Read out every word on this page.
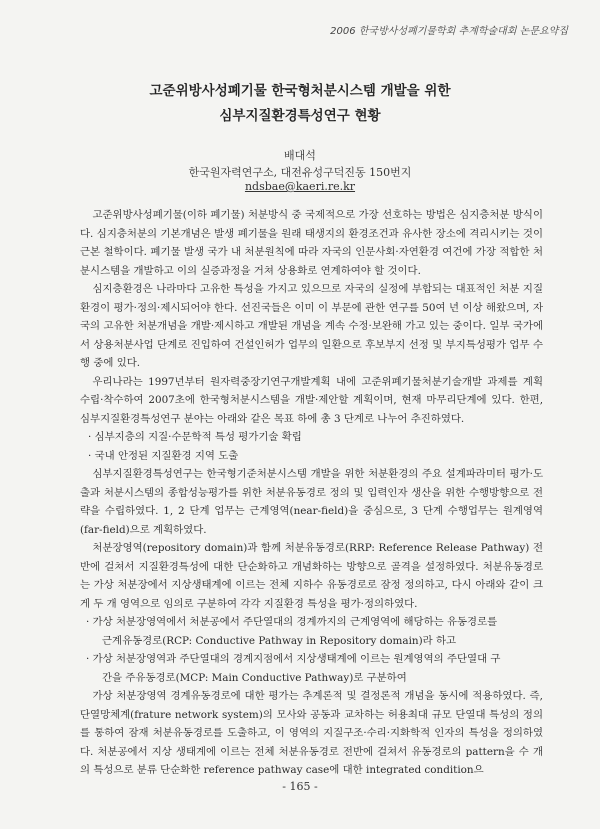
2006 한국방사성폐기물학회 추계학술대회 논문요약집
고준위방사성폐기물 한국형처분시스템 개발을 위한
심부지질환경특성연구 현황
배대석
한국원자력연구소, 대전유성구덕진동 150번지
ndsbae@kaeri.re.kr

고준위방사성폐기물(이하 폐기물) 처분방식 중 국제적으로 가장 선호하는 방법은 심지층처분 방식이다. 심지층처분의 기본개념은 발생 폐기물을 원래 태생지의 환경조건과 유사한 장소에 격리시키는 것이 근본 철학이다. 폐기물 발생 국가 내 처분원칙에 따라 자국의 인문사회·자연환경 여건에 가장 적합한 처분시스템을 개발하고 이의 실증과정을 거쳐 상용화로 연계하여야 할 것이다.

심지층환경은 나라마다 고유한 특성을 가지고 있으므로 자국의 실정에 부합되는 대표적인 처분 지질환경이 평가·정의·제시되어야 한다. 선진국들은 이미 이 부문에 관한 연구를 50여 년 이상 해왔으며, 자국의 고유한 처분개념을 개발·제시하고 개발된 개념을 계속 수정·보완해 가고 있는 중이다. 일부 국가에서 상용처분사업 단계로 진입하여 건설인허가 업무의 일환으로 후보부지 선정 및 부지특성평가 업무 수행 중에 있다.

우리나라는 1997년부터 원자력중장기연구개발계획 내에 고준위폐기물처분기술개발 과제를 계획 수립·착수하여 2007초에 한국형처분시스템을 개발·제안할 계획이며, 현재 마무리단계에 있다. 한편, 심부지질환경특성연구 분야는 아래와 같은 목표 하에 총 3 단계로 나누어 추진하였다.

· 심부지층의 지질·수문학적 특성 평가기술 확립

· 국내 안정된 지질환경 지역 도출

심부지질환경특성연구는 한국형기준처분시스템 개발을 위한 처분환경의 주요 설계파라미터 평가·도출과 처분시스템의 종합성능평가를 위한 처분유동경로 정의 및 입력인자 생산을 위한 수행방향으로 전략을 수립하였다. 1, 2 단계 업무는 근계영역(near-field)을 중심으로, 3 단계 수행업무는 원계영역(far-field)으로 계획하였다.

처분장영역(repository domain)과 함께 처분유동경로(RRP: Reference Release Pathway) 전반에 걸쳐서 지질환경특성에 대한 단순화하고 개념화하는 방향으로 골격을 설정하였다. 처분유동경로는 가상 처분장에서 지상생태계에 이르는 전체 지하수 유동경로로 잠정 정의하고, 다시 아래와 같이 크게 두 개 영역으로 임의로 구분하여 각각 지질환경 특성을 평가·정의하였다.

· 가상 처분장영역에서 처분공에서 주단열대의 경계까지의 근계영역에 해당하는 유동경로를
근계유동경로(RCP: Conductive Pathway in Repository domain)라 하고

· 가상 처분장영역과 주단열대의 경계지점에서 지상생태계에 이르는 원계영역의 주단열대 구
간을 주유동경로(MCP: Main Conductive Pathway)로 구분하여

가상 처분장영역 경계유동경로에 대한 평가는 추계론적 및 결정론적 개념을 동시에 적용하였다. 즉, 단열망체계(frature network system)의 모사와 공동과 교차하는 허용최대 규모 단열대 특성의 정의를 통하여 잠재 처분유동경로를 도출하고, 이 영역의 지질구조·수리·지화학적 인자의 특성을 정의하였다. 처분공에서 지상 생태계에 이르는 전체 처분유동경로 전반에 걸쳐서 유동경로의 pattern을 수 개의 특성으로 분류 단순화한 reference pathway case에 대한 integrated condition으

- 165 -
